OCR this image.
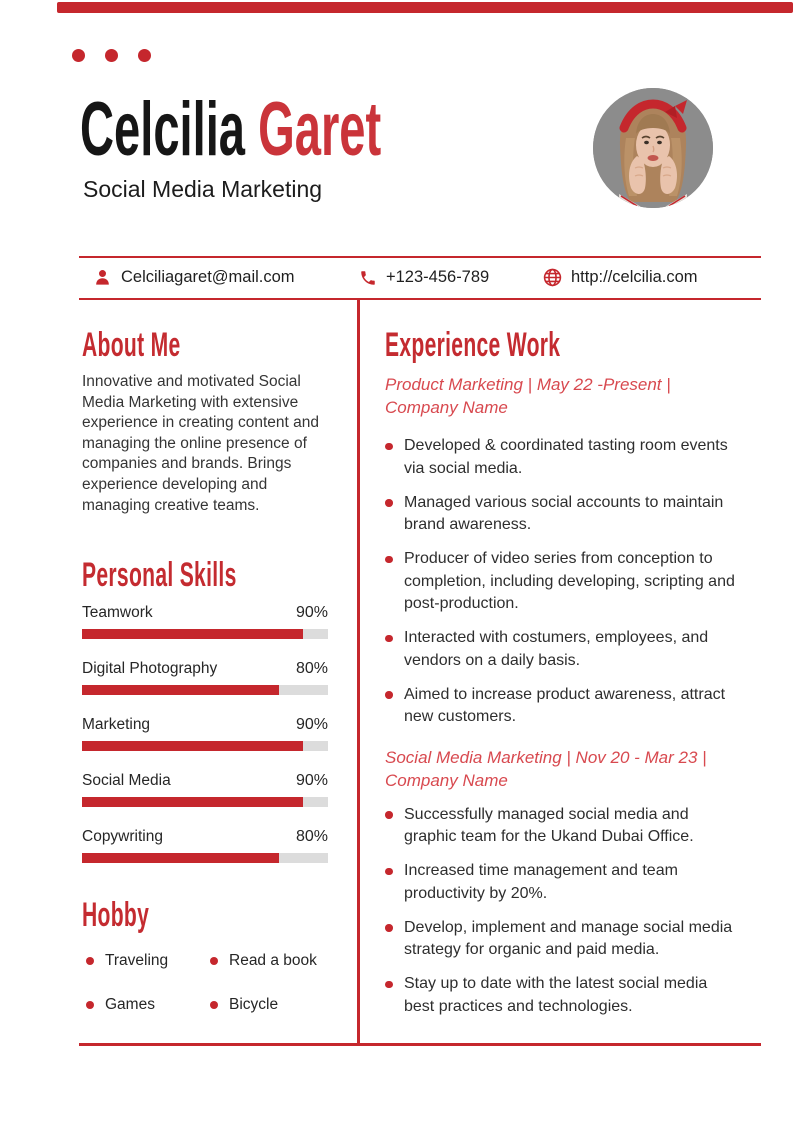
Celcilia Garet
Social Media Marketing
Celciliagaret@mail.com	+123-456-789	http://celcilia.com
About Me
Innovative and motivated Social Media Marketing with extensive experience in creating content and managing the online presence of companies and brands. Brings experience developing and managing creative teams.
Personal Skills
Teamwork	90%
Digital Photography	80%
Marketing	90%
Social Media	90%
Copywriting	80%
Hobby
Traveling	Read a book
Games	Bicycle
Experience Work
Product Marketing | May 22 -Present | Company Name
Developed & coordinated tasting room events via social media.
Managed various social accounts to maintain brand awareness.
Producer of video series from conception to completion, including developing, scripting and post-production.
Interacted with costumers, employees, and vendors on a daily basis.
Aimed to increase product awareness, attract new customers.
Social Media Marketing | Nov 20 - Mar 23 | Company Name
Successfully managed social media and graphic team for the Ukand Dubai Office.
Increased time management and team productivity by 20%.
Develop, implement and manage social media strategy for organic and paid media.
Stay up to date with the latest social media best practices and technologies.
